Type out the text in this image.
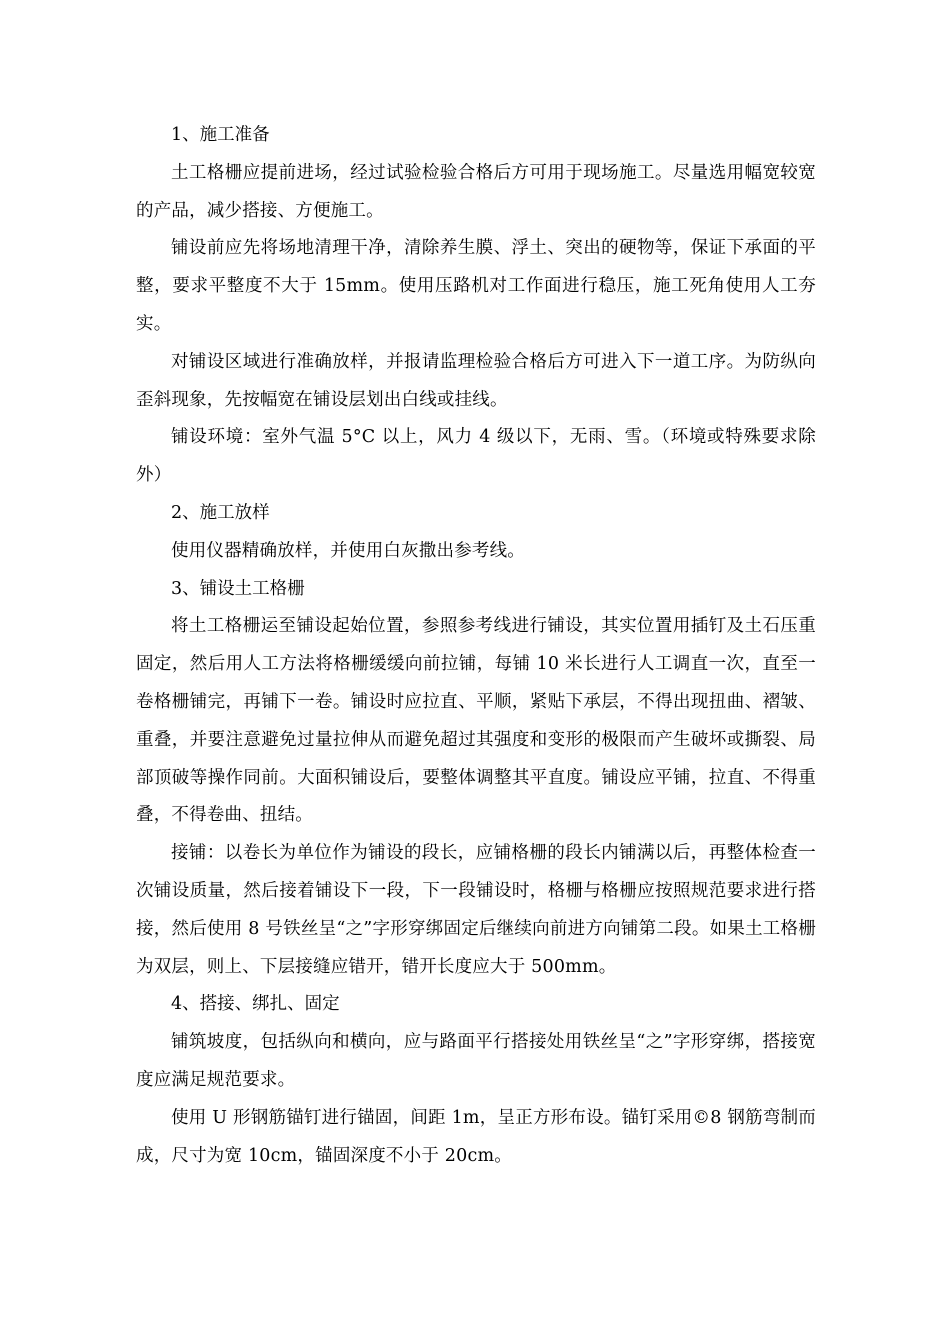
1、施工准备

土工格栅应提前进场，经过试验检验合格后方可用于现场施工。尽量选用幅宽较宽的产品，减少搭接、方便施工。

铺设前应先将场地清理干净，清除养生膜、浮土、突出的硬物等，保证下承面的平整，要求平整度不大于 15mm。使用压路机对工作面进行稳压，施工死角使用人工夯实。

对铺设区域进行准确放样，并报请监理检验合格后方可进入下一道工序。为防纵向歪斜现象，先按幅宽在铺设层划出白线或挂线。

铺设环境：室外气温 5°C 以上，风力 4 级以下，无雨、雪。（环境或特殊要求除外）

2、施工放样

使用仪器精确放样，并使用白灰撒出参考线。

3、铺设土工格栅

将土工格栅运至铺设起始位置，参照参考线进行铺设，其实位置用插钉及土石压重固定，然后用人工方法将格栅缓缓向前拉铺，每铺 10 米长进行人工调直一次，直至一卷格栅铺完，再铺下一卷。铺设时应拉直、平顺，紧贴下承层，不得出现扭曲、褶皱、重叠，并要注意避免过量拉伸从而避免超过其强度和变形的极限而产生破坏或撕裂、局部顶破等操作同前。大面积铺设后，要整体调整其平直度。铺设应平铺，拉直、不得重叠，不得卷曲、扭结。

接铺：以卷长为单位作为铺设的段长，应铺格栅的段长内铺满以后，再整体检查一次铺设质量，然后接着铺设下一段，下一段铺设时，格栅与格栅应按照规范要求进行搭接，然后使用 8 号铁丝呈“之”字形穿绑固定后继续向前进方向铺第二段。如果土工格栅为双层，则上、下层接缝应错开，错开长度应大于 500mm。

4、搭接、绑扎、固定

铺筑坡度，包括纵向和横向，应与路面平行搭接处用铁丝呈“之”字形穿绑，搭接宽度应满足规范要求。

使用 U 形钢筋锚钉进行锚固，间距 1m，呈正方形布设。锚钉采用©8 钢筋弯制而成，尺寸为宽 10cm，锚固深度不小于 20cm。
